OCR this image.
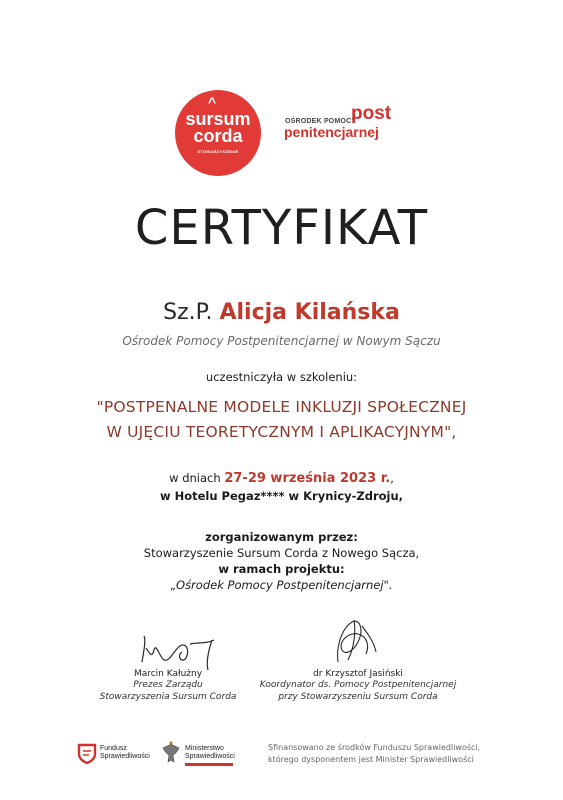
^
sursum
corda
STOWARZYSZENIE
OŚRODEK POMOCY
post
penitencjarnej
CERTYFIKAT
Sz.P. Alicja Kilańska
Ośrodek Pomocy Postpenitencjarnej w Nowym Sączu
uczestniczyła w szkoleniu:
"POSTPENALNE MODELE INKLUZJI SPOŁECZNEJ
W UJĘCIU TEORETYCZNYM I APLIKACYJNYM",
w dniach 27-29 września 2023 r.,
w Hotelu Pegaz**** w Krynicy-Zdroju,
zorganizowanym przez:
Stowarzyszenie Sursum Corda z Nowego Sącza,
w ramach projektu:
„Ośrodek Pomocy Postpenitencjarnej".
Marcin Kałużny
Prezes Zarządu
Stowarzyszenia Sursum Corda
dr Krzysztof Jasiński
Koordynator ds. Pomocy Postpenitencjarnej
przy Stowarzyszeniu Sursum Corda
Fundusz
Sprawiedliwości
Ministerstwo
Sprawiedliwości
Sfinansowano ze środków Funduszu Sprawiedliwości,
którego dysponentem jest Minister Sprawiedliwości
